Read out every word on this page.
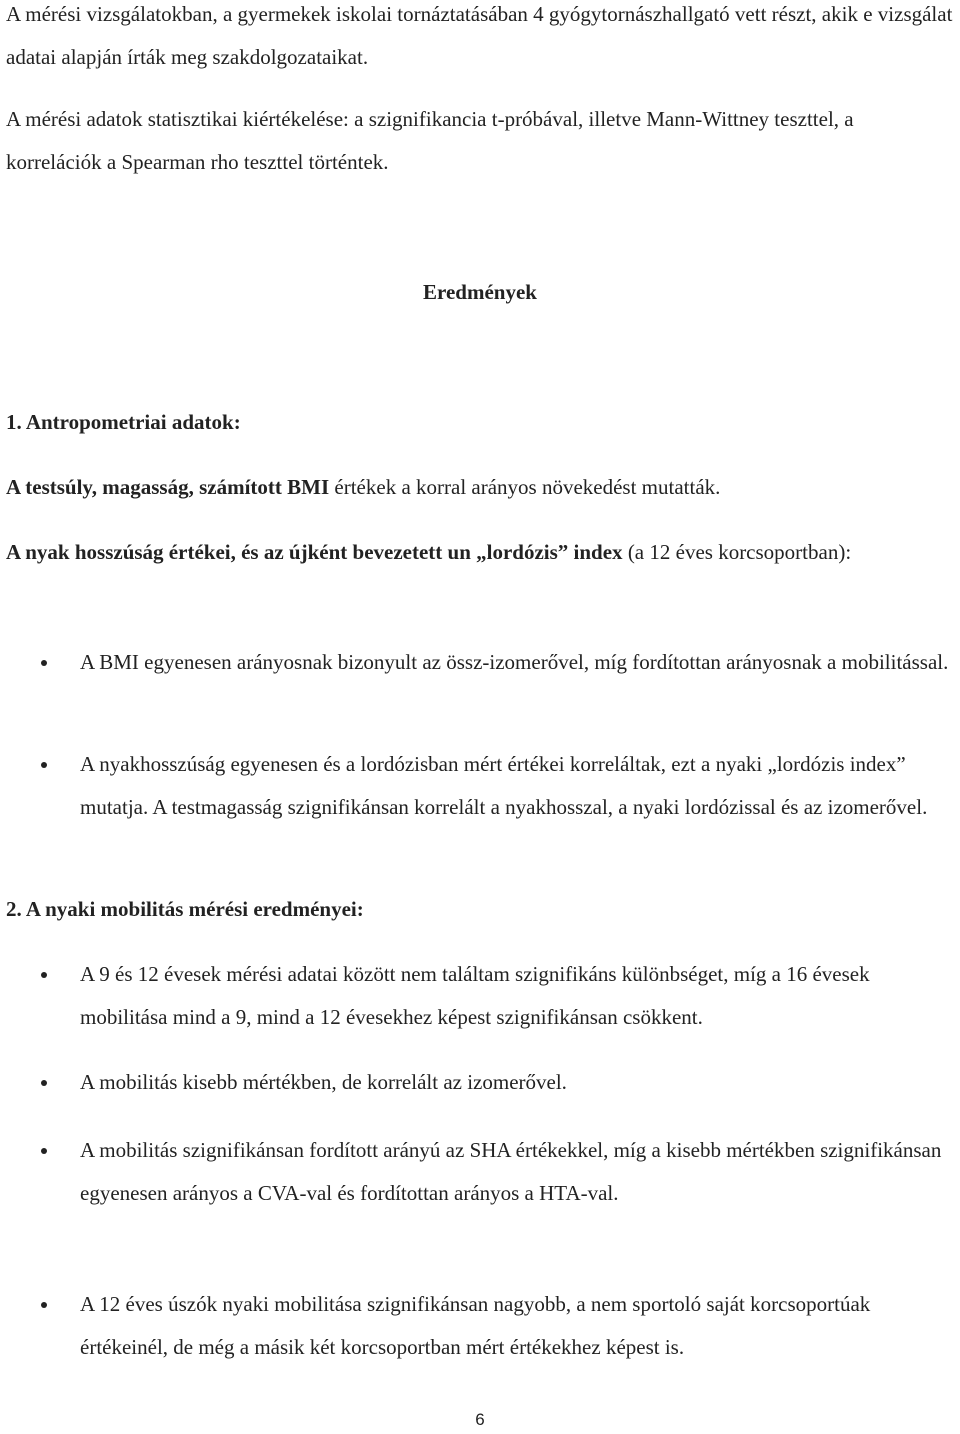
A mérési vizsgálatokban, a gyermekek iskolai tornáztatásában 4 gyógytornászhallgató vett részt, akik e vizsgálat adatai alapján írták meg szakdolgozataikat.

A mérési adatok statisztikai kiértékelése: a szignifikancia t-próbával, illetve Mann-Wittney teszttel, a korrelációk a Spearman rho teszttel történtek.

Eredmények

1. Antropometriai adatok:

A testsúly, magasság, számított BMI értékek a korral arányos növekedést mutatták.

A nyak hosszúság értékei, és az újként bevezetett un „lordózis” index (a 12 éves korcsoportban):

A BMI egyenesen arányosnak bizonyult az össz-izomerővel, míg fordítottan arányosnak a mobilitással.

A nyakhosszúság egyenesen és a lordózisban mért értékei korreláltak, ezt a nyaki „lordózis index” mutatja. A testmagasság szignifikánsan korrelált a nyakhosszal, a nyaki lordózissal és az izomerővel.

2. A nyaki mobilitás mérési eredményei:

A 9 és 12 évesek mérési adatai között nem találtam szignifikáns különbséget, míg a 16 évesek mobilitása mind a 9, mind a 12 évesekhez képest szignifikánsan csökkent.

A mobilitás kisebb mértékben, de korrelált az izomerővel.

A mobilitás szignifikánsan fordított arányú az SHA értékekkel, míg a kisebb mértékben szignifikánsan egyenesen arányos a CVA-val és fordítottan arányos a HTA-val.

A 12 éves úszók nyaki mobilitása szignifikánsan nagyobb, a nem sportoló saját korcsoportúak értékeinél, de még a másik két korcsoportban mért értékekhez képest is.

6
